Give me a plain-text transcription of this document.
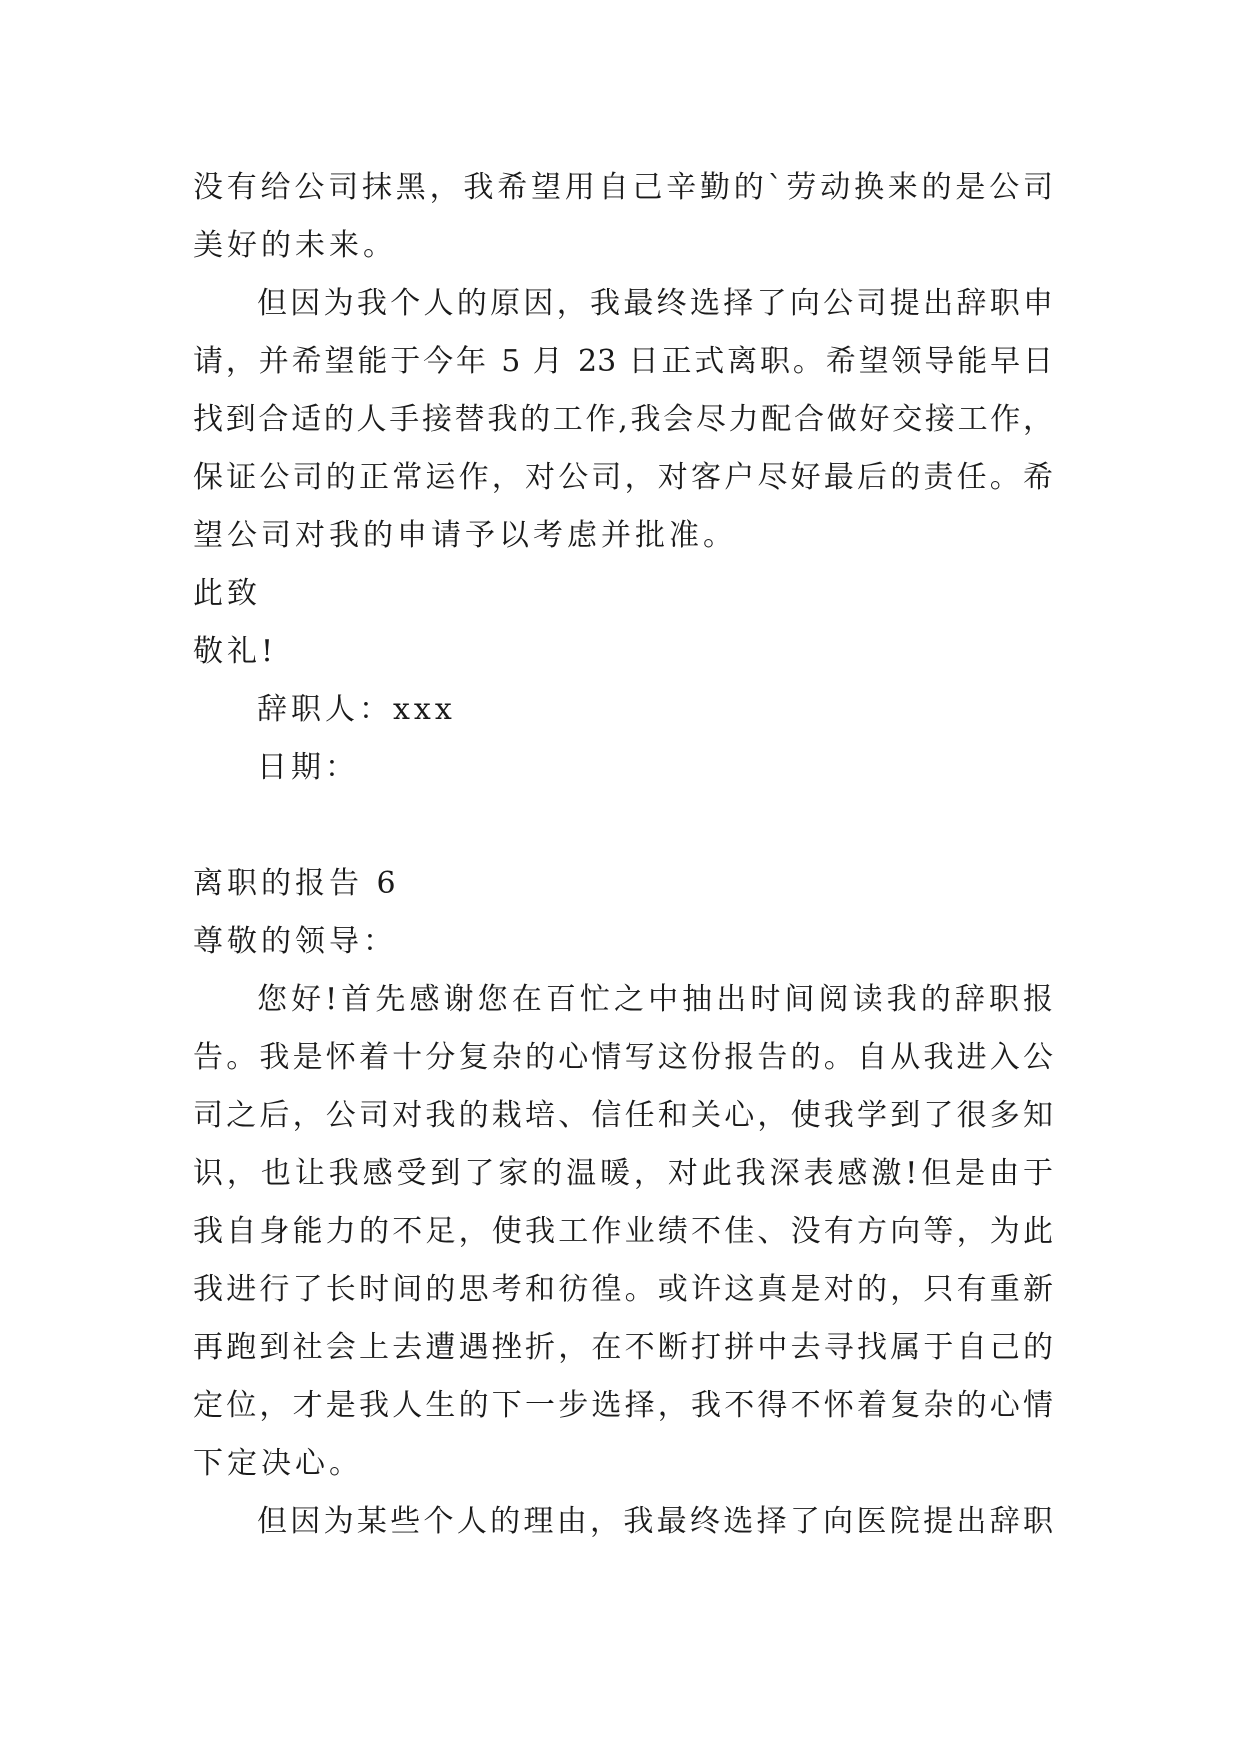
没有给公司抹黑，我希望用自己辛勤的`劳动换来的是公司
美好的未来。
但因为我个人的原因，我最终选择了向公司提出辞职申
请，并希望能于今年 5 月 23 日正式离职。希望领导能早日
找到合适的人手接替我的工作,我会尽力配合做好交接工作，
保证公司的正常运作，对公司，对客户尽好最后的责任。希
望公司对我的申请予以考虑并批准。
此致
敬礼!
辞职人：xxx
日期：
离职的报告 6
尊敬的领导：
您好!首先感谢您在百忙之中抽出时间阅读我的辞职报
告。我是怀着十分复杂的心情写这份报告的。自从我进入公
司之后，公司对我的栽培、信任和关心，使我学到了很多知
识，也让我感受到了家的温暖，对此我深表感激!但是由于
我自身能力的不足，使我工作业绩不佳、没有方向等，为此
我进行了长时间的思考和彷徨。或许这真是对的，只有重新
再跑到社会上去遭遇挫折，在不断打拼中去寻找属于自己的
定位，才是我人生的下一步选择，我不得不怀着复杂的心情
下定决心。
但因为某些个人的理由，我最终选择了向医院提出辞职
